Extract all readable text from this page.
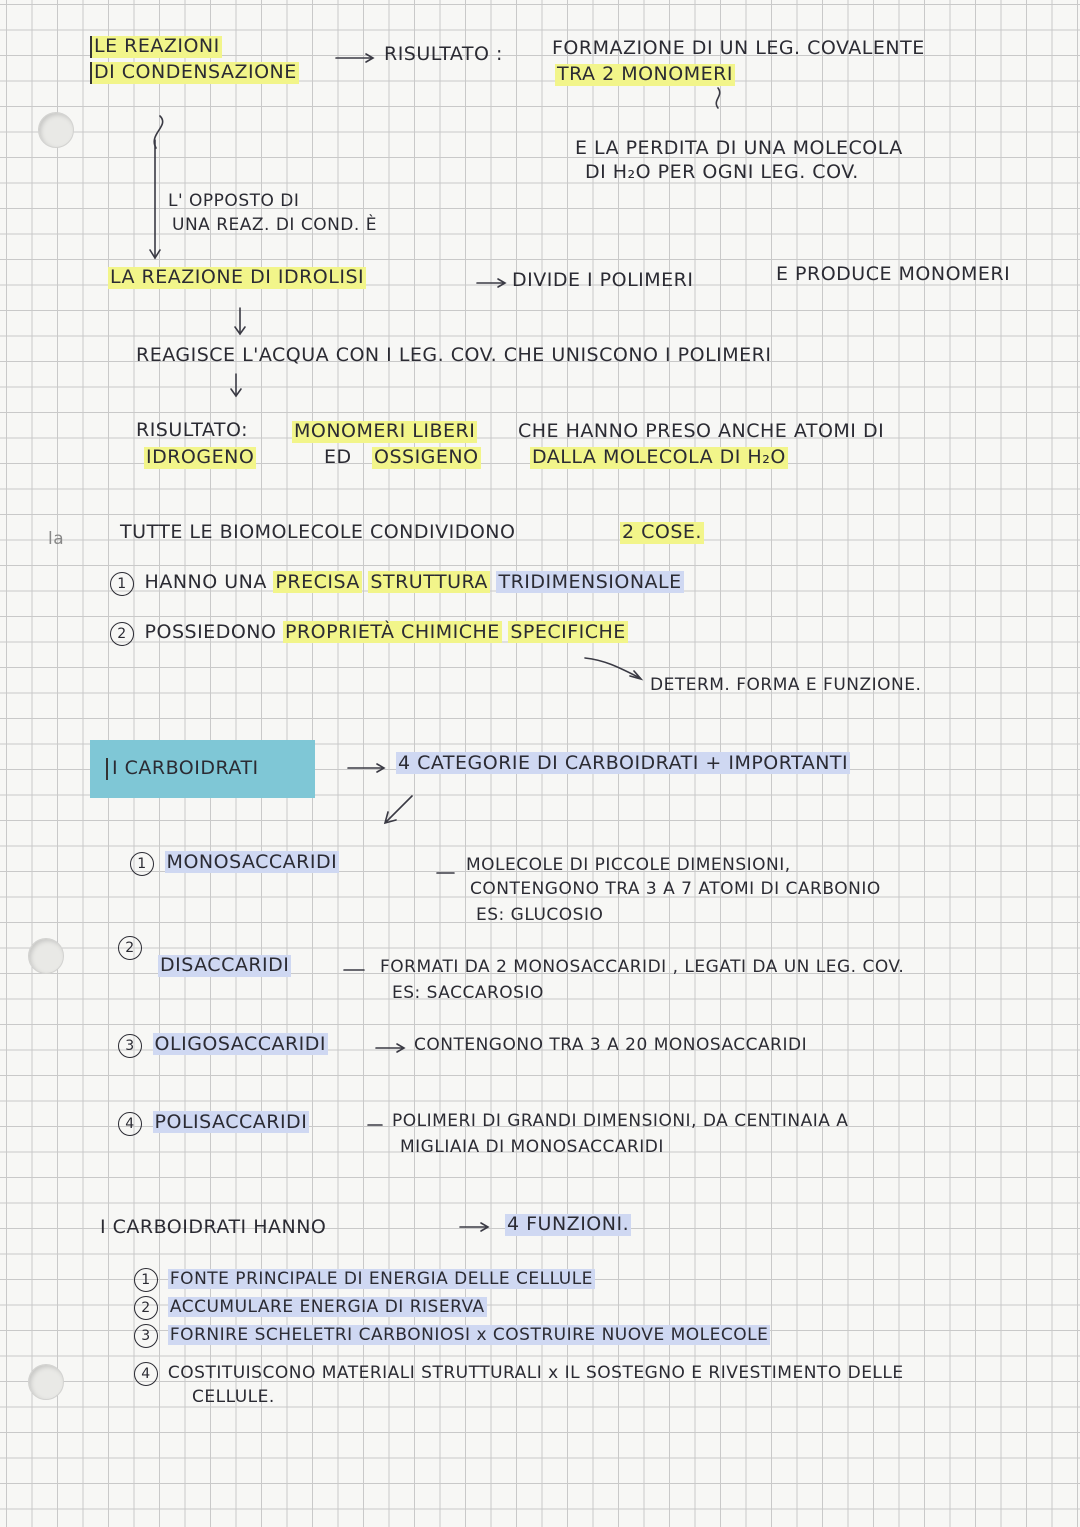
LE REAZIONI
DI CONDENSAZIONE
RISULTATO :	FORMAZIONE DI UN LEG. COVALENTE
TRA 2 MONOMERI
E LA PERDITA DI UNA MOLECOLA
DI H₂O PER OGNI LEG. COV.
L' OPPOSTO DI
UNA REAZ. DI COND. È
LA REAZIONE DI IDROLISI	DIVIDE I POLIMERI	E PRODUCE MONOMERI
REAGISCE L'ACQUA CON I LEG. COV. CHE UNISCONO I POLIMERI
RISULTATO: MONOMERI LIBERI CHE HANNO PRESO ANCHE ATOMI DI
IDROGENO	ED OSSIGENO	DALLA MOLECOLA DI H₂O
la	TUTTE LE BIOMOLECOLE CONDIVIDONO	2 COSE.
1 HANNO UNA PRECISA STRUTTURA TRIDIMENSIONALE
2 POSSIEDONO PROPRIETÀ CHIMICHE SPECIFICHE
DETERM. FORMA E FUNZIONE.
I CARBOIDRATI	4 CATEGORIE DI CARBOIDRATI + IMPORTANTI
1 MONOSACCARIDI	MOLECOLE DI PICCOLE DIMENSIONI,
CONTENGONO TRA 3 A 7 ATOMI DI CARBONIO
ES: GLUCOSIO
2
DISACCARIDI	FORMATI DA 2 MONOSACCARIDI , LEGATI DA UN LEG. COV.
ES: SACCAROSIO
3 OLIGOSACCARIDI	CONTENGONO TRA 3 A 20 MONOSACCARIDI
4 POLISACCARIDI	POLIMERI DI GRANDI DIMENSIONI, DA CENTINAIA A
MIGLIAIA DI MONOSACCARIDI
I CARBOIDRATI HANNO	4 FUNZIONI.
1 FONTE PRINCIPALE DI ENERGIA DELLE CELLULE
2 ACCUMULARE ENERGIA DI RISERVA
3 FORNIRE SCHELETRI CARBONIOSI x COSTRUIRE NUOVE MOLECOLE
4 COSTITUISCONO MATERIALI STRUTTURALI x IL SOSTEGNO E RIVESTIMENTO DELLE
CELLULE.
